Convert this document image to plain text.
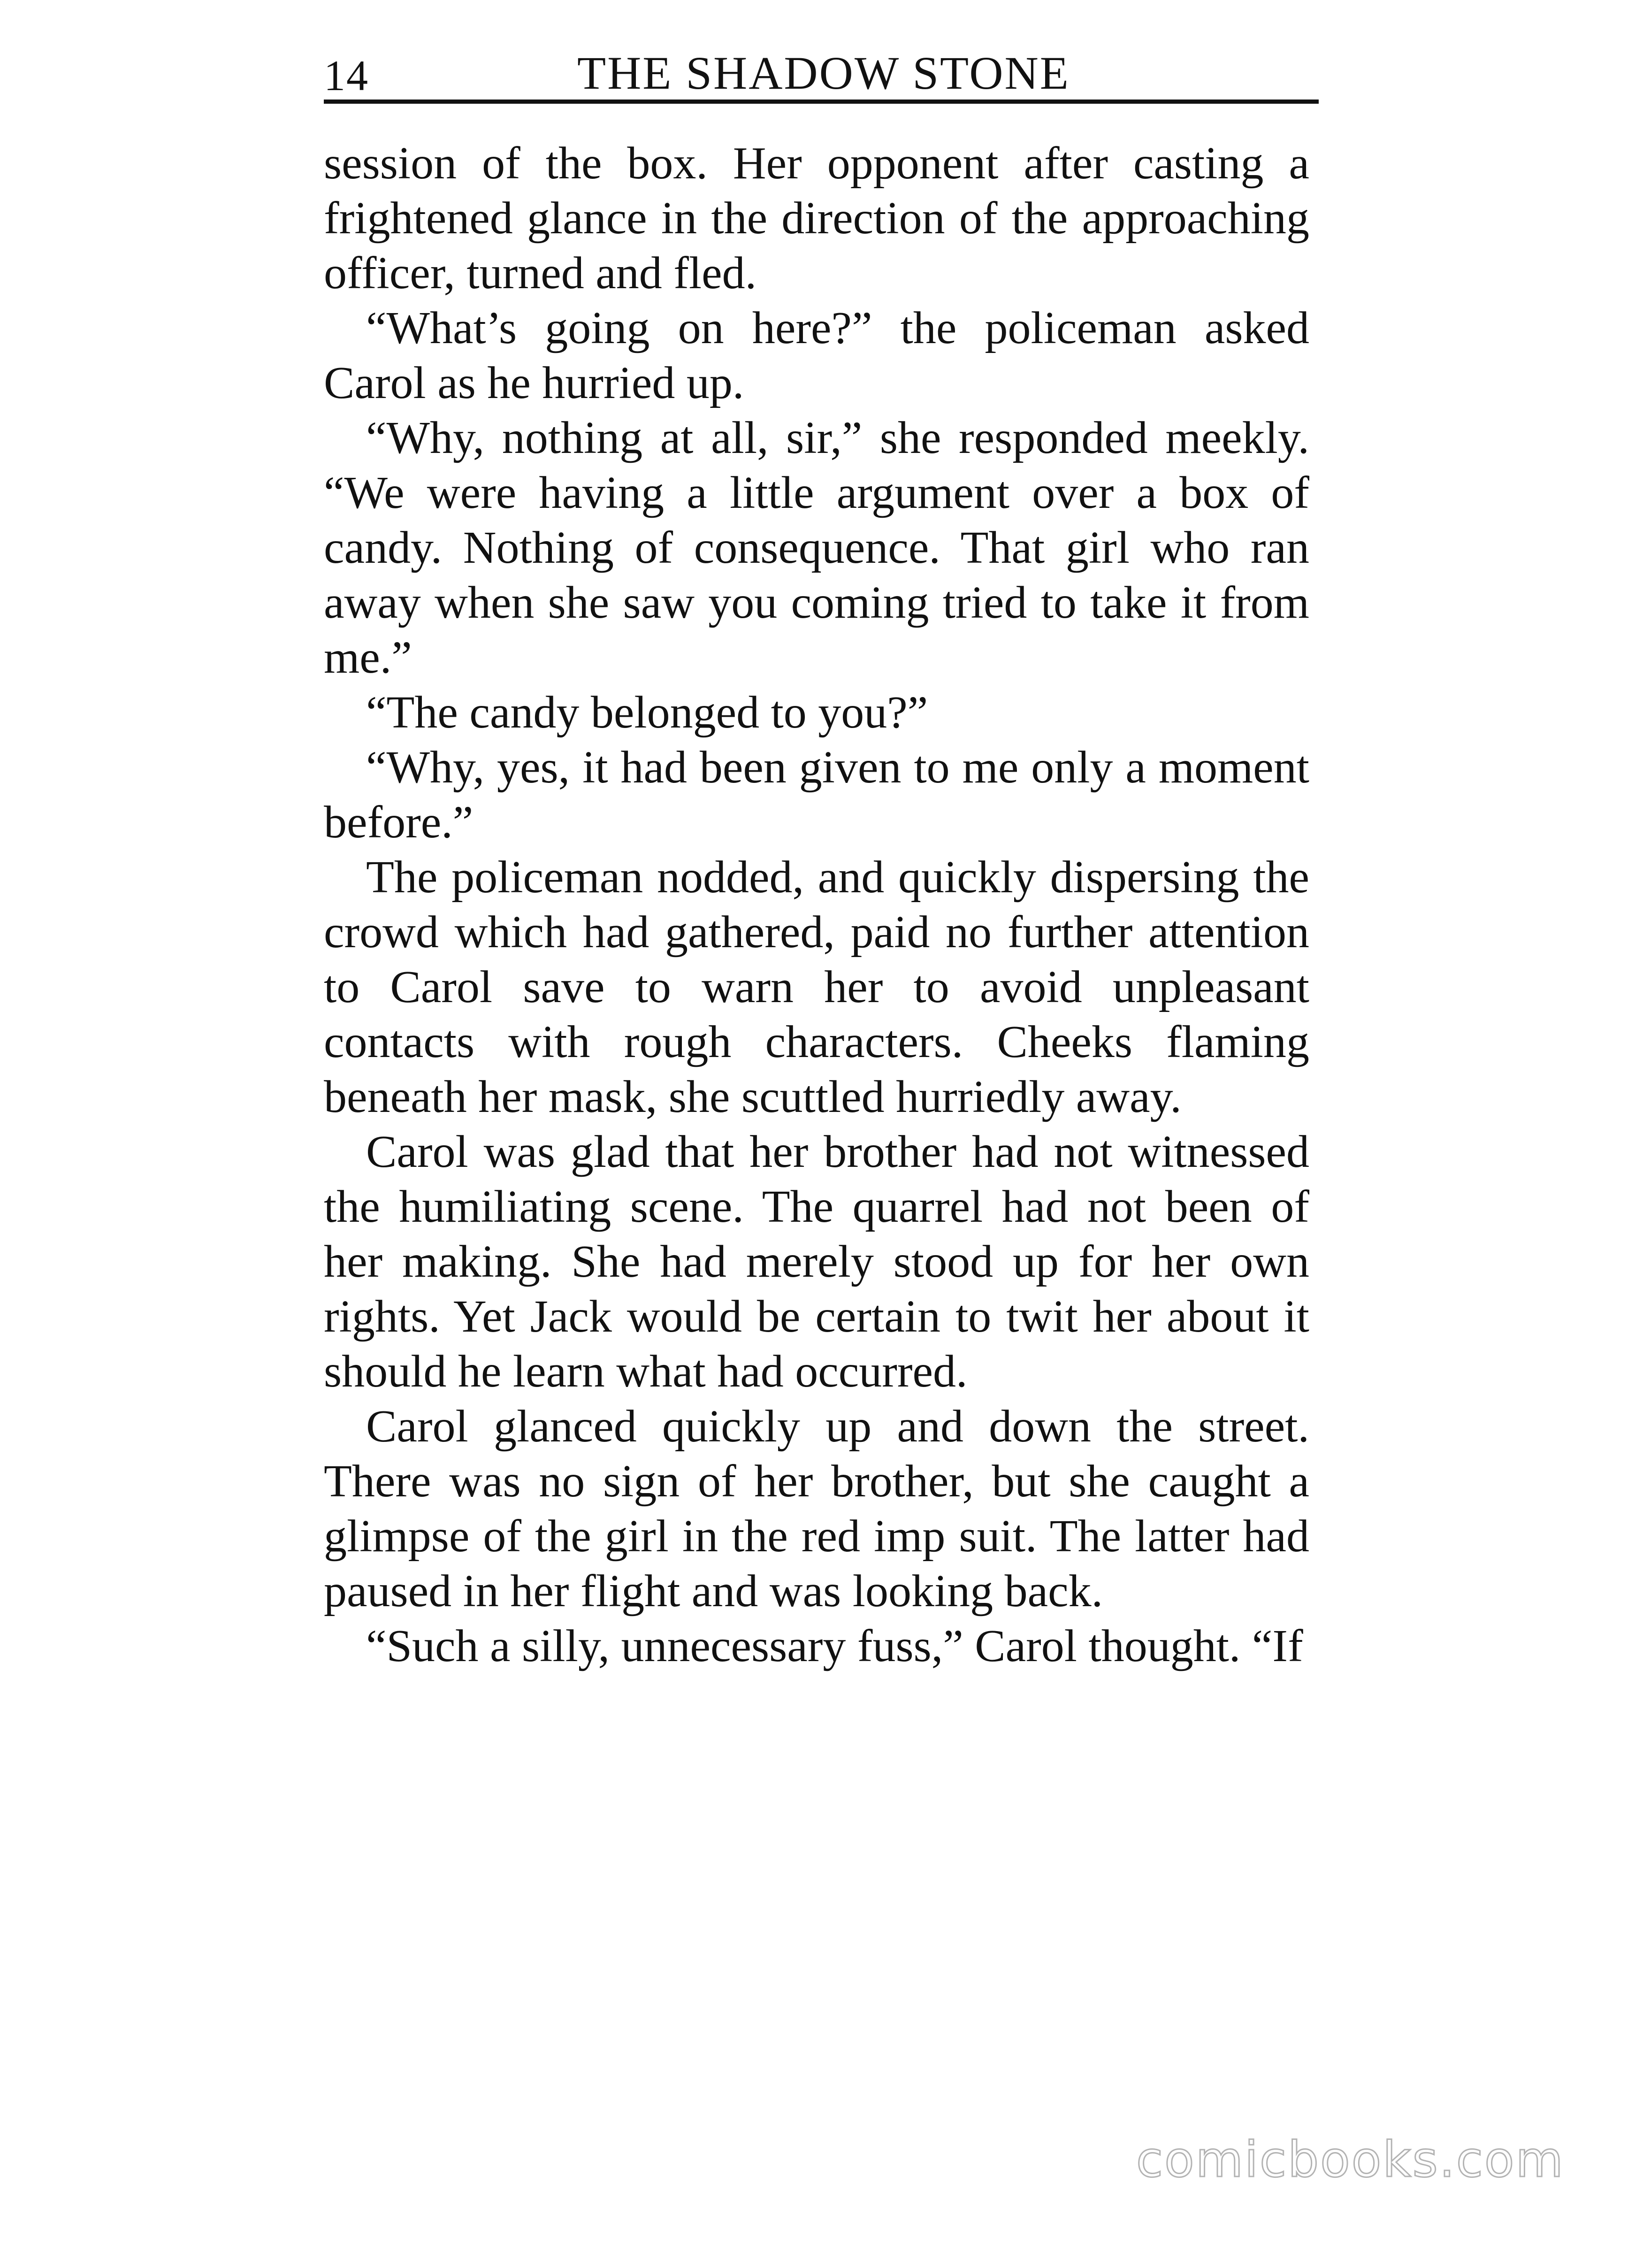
14	THE SHADOW STONE

session of the box. Her opponent after casting a frightened glance in the direction of the approaching officer, turned and fled.

“What’s going on here?” the policeman asked Carol as he hurried up.

“Why, nothing at all, sir,” she responded meekly. “We were having a little argument over a box of candy. Nothing of consequence. That girl who ran away when she saw you coming tried to take it from me.”

“The candy belonged to you?”

“Why, yes, it had been given to me only a moment before.”

The policeman nodded, and quickly dispersing the crowd which had gathered, paid no further attention to Carol save to warn her to avoid unpleasant contacts with rough characters. Cheeks flaming beneath her mask, she scuttled hurriedly away.

Carol was glad that her brother had not witnessed the humiliating scene. The quarrel had not been of her making. She had merely stood up for her own rights. Yet Jack would be certain to twit her about it should he learn what had occurred.

Carol glanced quickly up and down the street. There was no sign of her brother, but she caught a glimpse of the girl in the red imp suit. The latter had paused in her flight and was looking back.

“Such a silly, unnecessary fuss,” Carol thought. “If

comicbooks.com
